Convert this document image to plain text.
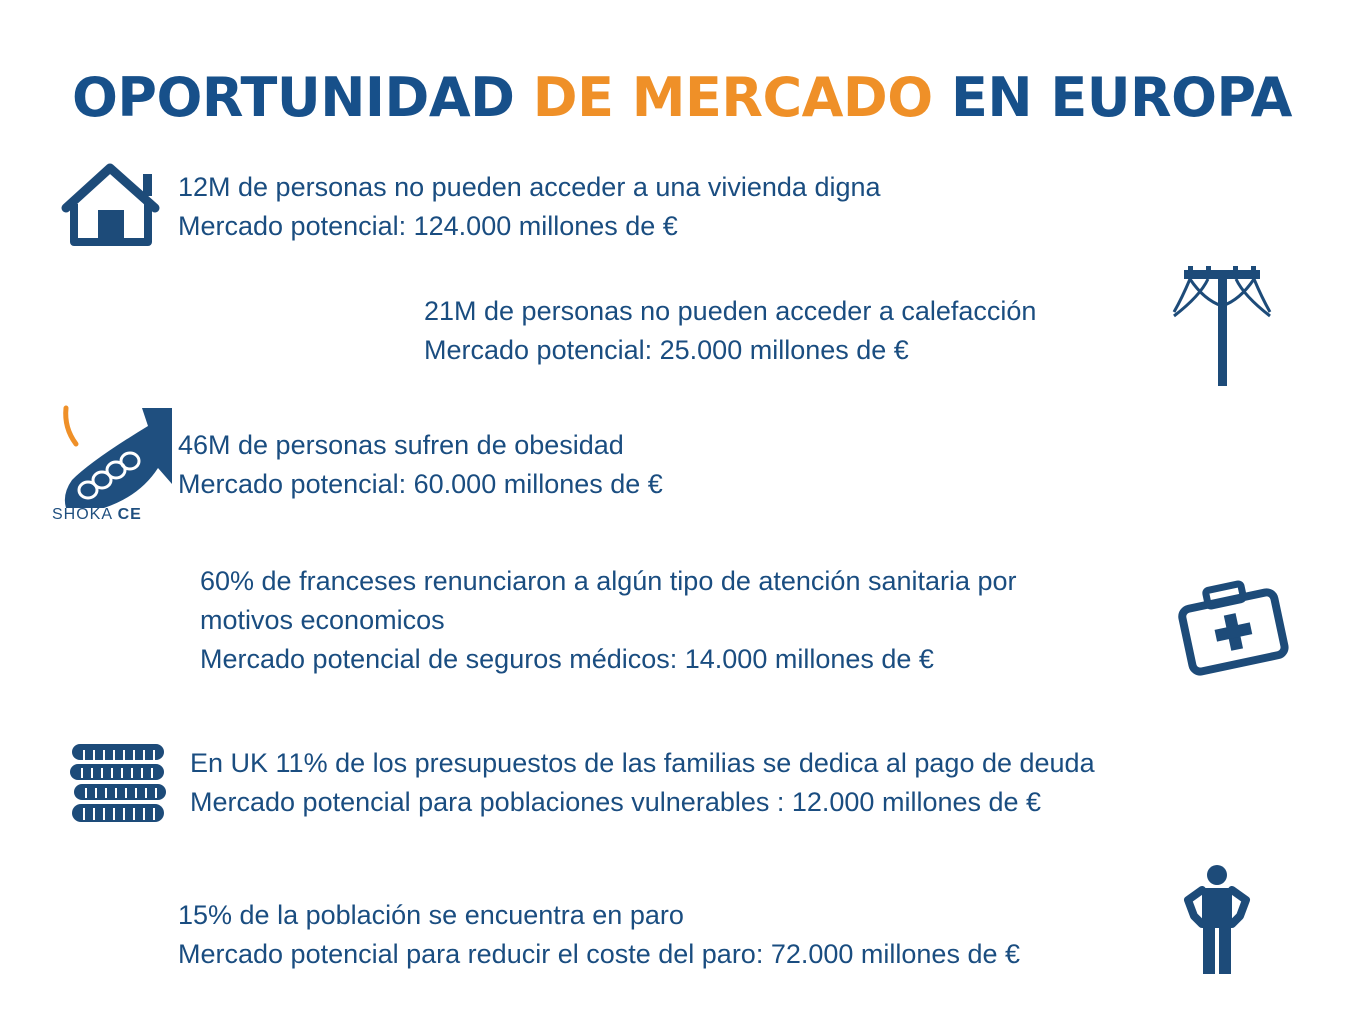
OPORTUNIDAD DE MERCADO EN EUROPA
12M de personas no pueden acceder a una vivienda digna
Mercado potencial: 124.000 millones de €
21M de personas no pueden acceder a calefacción
Mercado potencial: 25.000 millones de €
SHOKA CE
46M de personas sufren de obesidad
Mercado potencial: 60.000 millones de €
60% de franceses renunciaron a algún tipo de atención sanitaria por
motivos economicos
Mercado potencial de seguros médicos: 14.000 millones de €
En UK 11% de los presupuestos de las familias se dedica al pago de deuda
Mercado potencial para poblaciones vulnerables : 12.000 millones de €
15% de la población se encuentra en paro
Mercado potencial para reducir el coste del paro: 72.000 millones de €
